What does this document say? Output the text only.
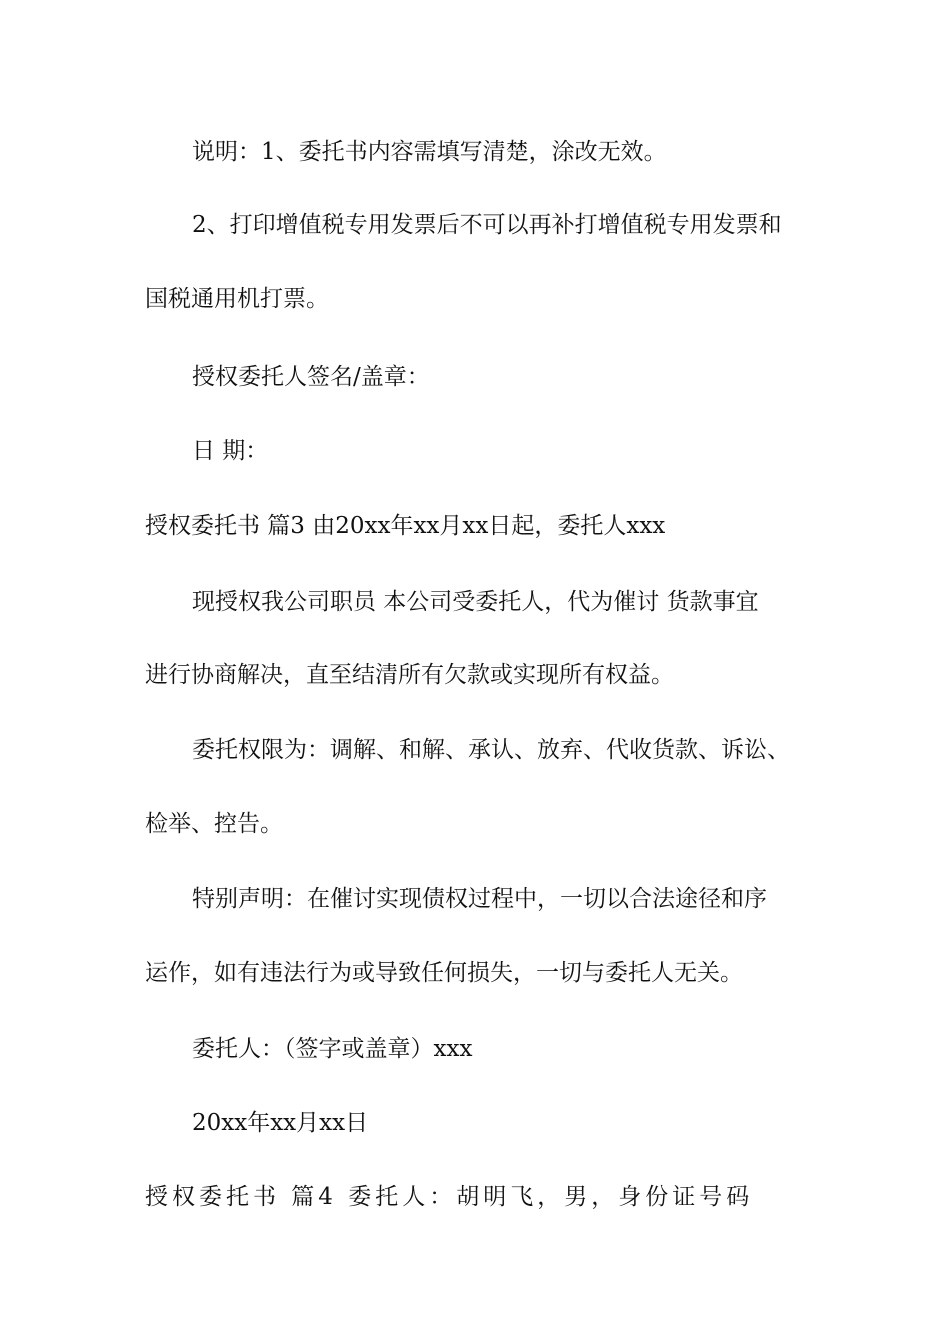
说明：1、委托书内容需填写清楚，涂改无效。
2、打印增值税专用发票后不可以再补打增值税专用发票和
国税通用机打票。
授权委托人签名/盖章：
日 期：
授权委托书 篇3 由20xx年xx月xx日起，委托人xxx
现授权我公司职员 本公司受委托人，代为催讨 货款事宜
进行协商解决，直至结清所有欠款或实现所有权益。
委托权限为：调解、和解、承认、放弃、代收货款、诉讼、
检举、控告。
特别声明：在催讨实现债权过程中，一切以合法途径和序
运作，如有违法行为或导致任何损失，一切与委托人无关。
委托人：（签字或盖章）xxx
20xx年xx月xx日
授权委托书 篇4 委托人：胡明飞，男，身份证号码
